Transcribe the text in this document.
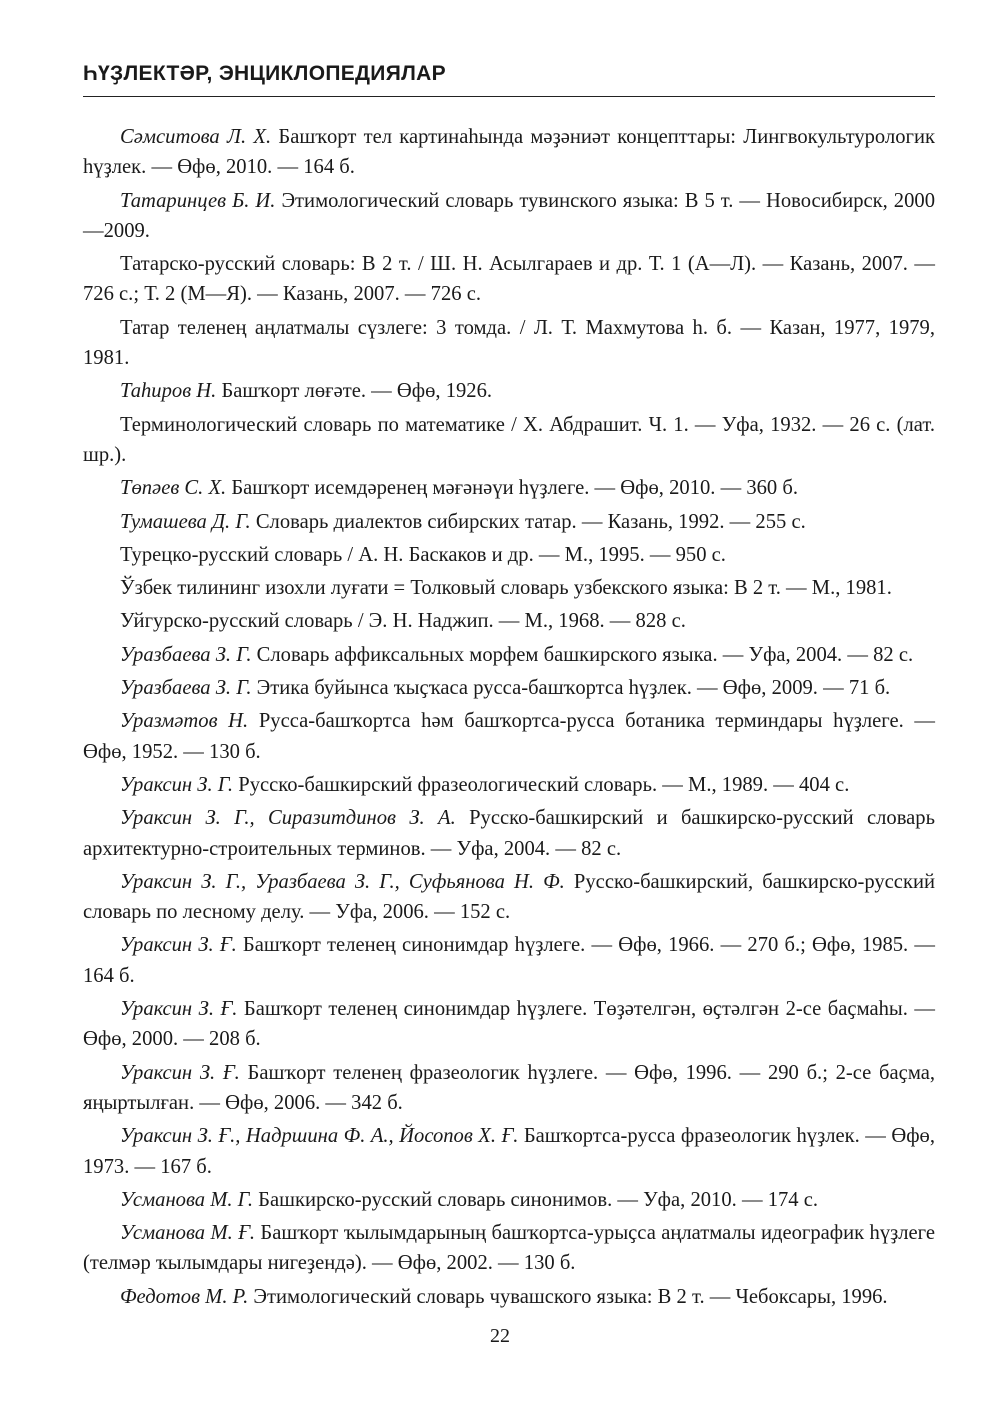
ҺҮҘЛЕКТӘР, ЭНЦИКЛОПЕДИЯЛАР

Сәмситова Л. Х. Башҡорт тел картинаһында мәҙәниәт концепттары: Лингвокультурологик һүҙлек. — Өфө, 2010. — 164 б.

Татаринцев Б. И. Этимологический словарь тувинского языка: В 5 т. — Новосибирск, 2000—2009.

Татарско-русский словарь: В 2 т. / Ш. Н. Асылгараев и др. Т. 1 (А—Л). — Казань, 2007. — 726 с.; Т. 2 (М—Я). — Казань, 2007. — 726 с.

Татар теленең аңлатмалы сүзлеге: 3 томда. / Л. Т. Махмутова һ. б. — Казан, 1977, 1979, 1981.

Таһиров Н. Башҡорт лөғәте. — Өфө, 1926.

Терминологический словарь по математике / Х. Абдрашит. Ч. 1. — Уфа, 1932. — 26 с. (лат. шр.).

Төпәев С. Х. Башҡорт исемдәренең мәғәнәүи һүҙлеге. — Өфө, 2010. — 360 б.

Тумашева Д. Г. Словарь диалектов сибирских татар. — Казань, 1992. — 255 с.

Турецко-русский словарь / А. Н. Баскаков и др. — М., 1995. — 950 с.

Ўзбек тилининг изохли луғати = Толковый словарь узбекского языка: В 2 т. — М., 1981.

Уйгурско-русский словарь / Э. Н. Наджип. — М., 1968. — 828 с.

Уразбаева З. Г. Словарь аффиксальных морфем башкирского языка. — Уфа, 2004. — 82 с.

Уразбаева З. Г. Этика буйынса ҡыҫҡаса русса-башҡортса һүҙлек. — Өфө, 2009. — 71 б.

Уразмәтов Н. Русса-башҡортса һәм башҡортса-русса ботаника терминдары һүҙлеге. — Өфө, 1952. — 130 б.

Ураксин З. Г. Русско-башкирский фразеологический словарь. — М., 1989. — 404 с.

Ураксин З. Г., Сиразитдинов З. А. Русско-башкирский и башкирско-русский словарь архитектурно-строительных терминов. — Уфа, 2004. — 82 с.

Ураксин З. Г., Уразбаева З. Г., Суфьянова Н. Ф. Русско-башкирский, башкирско-русский словарь по лесному делу. — Уфа, 2006. — 152 с.

Ураксин З. Ғ. Башҡорт теленең синонимдар һүҙлеге. — Өфө, 1966. — 270 б.; Өфө, 1985. — 164 б.

Ураксин З. Ғ. Башҡорт теленең синонимдар һүҙлеге. Төҙәтелгән, өҫтәлгән 2-се баҫмаһы. — Өфө, 2000. — 208 б.

Ураксин З. Ғ. Башҡорт теленең фразеологик һүҙлеге. — Өфө, 1996. — 290 б.; 2-се баҫма, яңыртылған. — Өфө, 2006. — 342 б.

Ураксин З. Ғ., Надршина Ф. А., Йосопов Х. Ғ. Башҡортса-русса фразеологик һүҙлек. — Өфө, 1973. — 167 б.

Усманова М. Г. Башкирско-русский словарь синонимов. — Уфа, 2010. — 174 с.

Усманова М. Ғ. Башҡорт ҡылымдарының башҡортса-урыҫса аңлатмалы идеографик һүҙлеге (телмәр ҡылымдары нигеҙендә). — Өфө, 2002. — 130 б.

Федотов М. Р. Этимологический словарь чувашского языка: В 2 т. — Чебоксары, 1996.

22
